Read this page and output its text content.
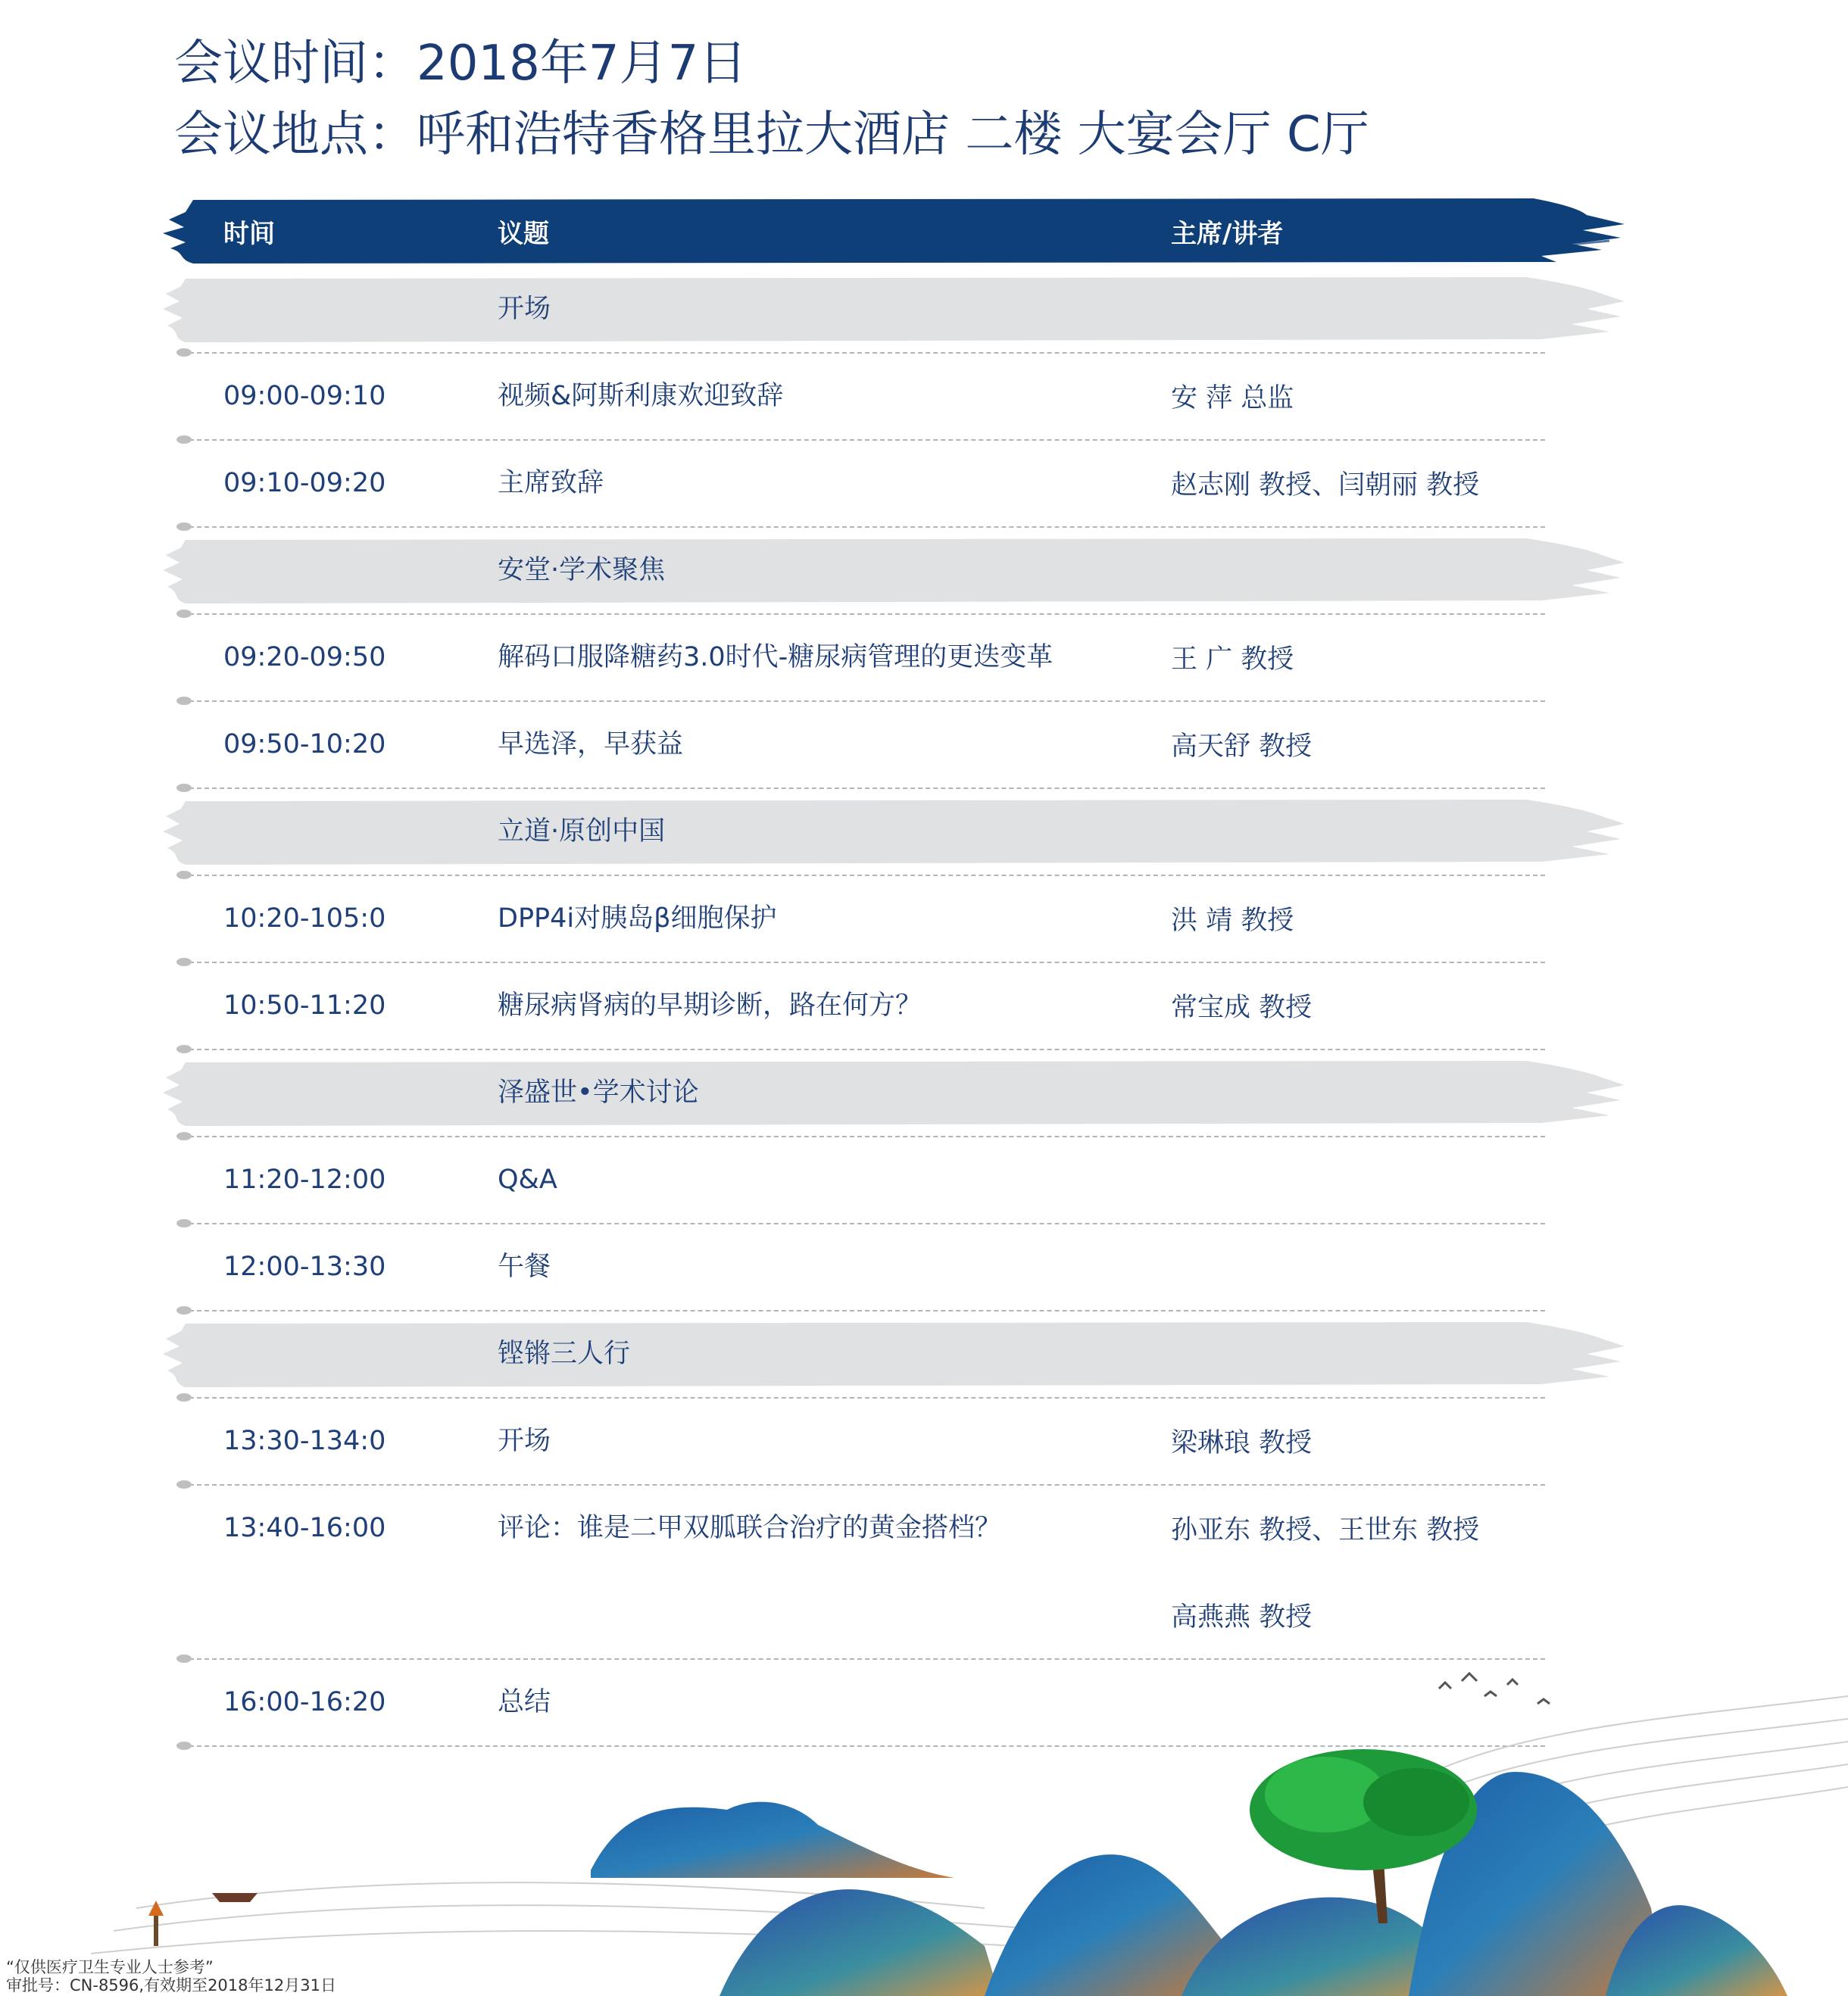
会议时间：2018年7月7日
会议地点：呼和浩特香格里拉大酒店 二楼 大宴会厅 C厅
时间	议题	主席/讲者
开场
09:00-09:10	视频&阿斯利康欢迎致辞	安 萍 总监
09:10-09:20	主席致辞	赵志刚 教授、闫朝丽 教授
安堂·学术聚焦
09:20-09:50	解码口服降糖药3.0时代-糖尿病管理的更迭变革	王 广 教授
09:50-10:20	早选泽，早获益	高天舒 教授
立道·原创中国
10:20-105:0	DPP4i对胰岛β细胞保护	洪 靖 教授
10:50-11:20	糖尿病肾病的早期诊断，路在何方？	常宝成 教授
泽盛世•学术讨论
11:20-12:00	Q&A
12:00-13:30	午餐
铿锵三人行
13:30-134:0	开场	梁琳琅 教授
13:40-16:00	评论：谁是二甲双胍联合治疗的黄金搭档？	孙亚东 教授、王世东 教授
高燕燕 教授
16:00-16:20	总结
“仅供医疗卫生专业人士参考”
审批号：CN-8596,有效期至2018年12月31日
